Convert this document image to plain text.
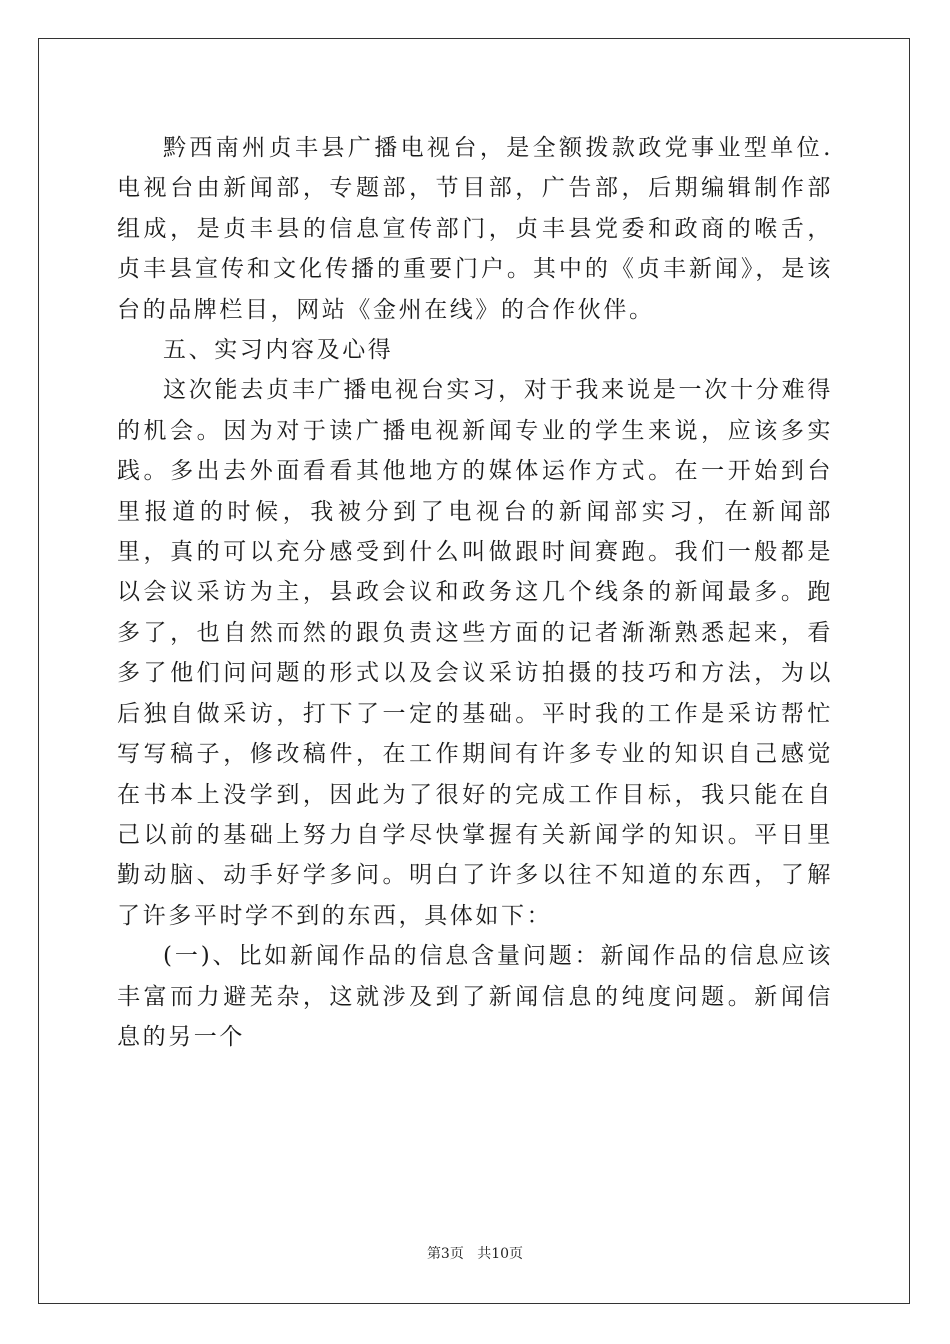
黔西南州贞丰县广播电视台，是全额拨款政党事业型单位.电视台由新闻部，专题部，节目部，广告部，后期编辑制作部组成，是贞丰县的信息宣传部门，贞丰县党委和政商的喉舌，贞丰县宣传和文化传播的重要门户。其中的《贞丰新闻》，是该台的品牌栏目，网站《金州在线》的合作伙伴。

五、实习内容及心得

这次能去贞丰广播电视台实习，对于我来说是一次十分难得的机会。因为对于读广播电视新闻专业的学生来说，应该多实践。多出去外面看看其他地方的媒体运作方式。在一开始到台里报道的时候，我被分到了电视台的新闻部实习，在新闻部里，真的可以充分感受到什么叫做跟时间赛跑。我们一般都是以会议采访为主，县政会议和政务这几个线条的新闻最多。跑多了，也自然而然的跟负责这些方面的记者渐渐熟悉起来，看多了他们问问题的形式以及会议采访拍摄的技巧和方法，为以后独自做采访，打下了一定的基础。平时我的工作是采访帮忙写写稿子，修改稿件，在工作期间有许多专业的知识自己感觉在书本上没学到，因此为了很好的完成工作目标，我只能在自己以前的基础上努力自学尽快掌握有关新闻学的知识。平日里勤动脑、动手好学多问。明白了许多以往不知道的东西，了解了许多平时学不到的东西，具体如下：

(一)、比如新闻作品的信息含量问题：新闻作品的信息应该丰富而力避芜杂，这就涉及到了新闻信息的纯度问题。新闻信息的另一个

第3页 共10页
